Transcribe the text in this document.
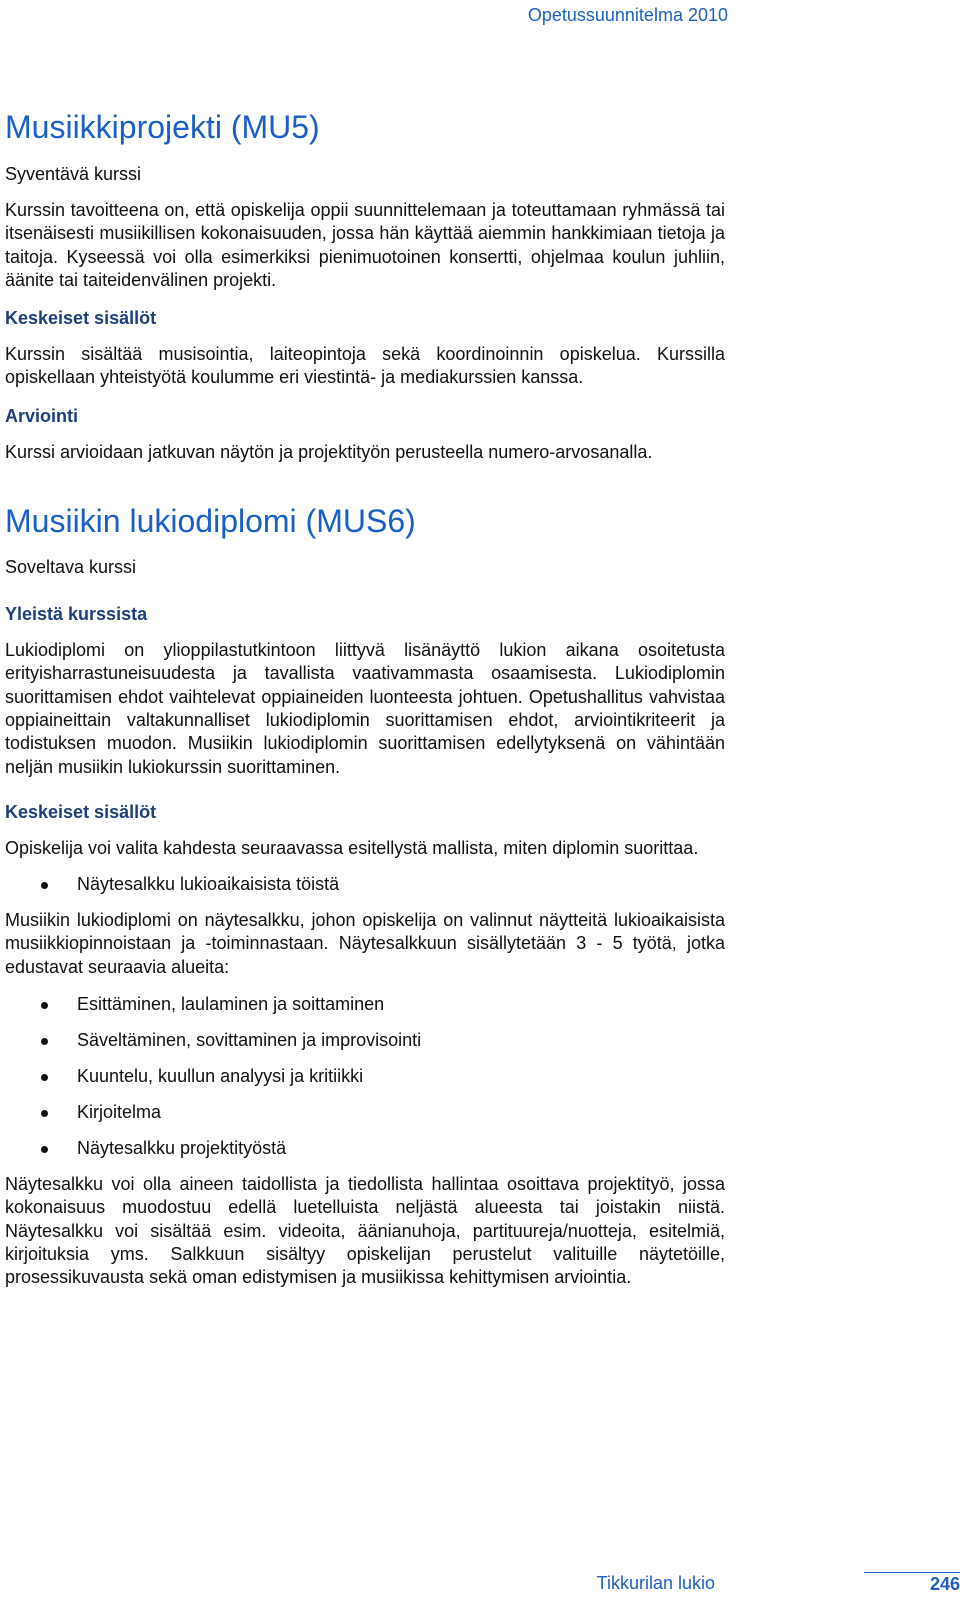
Opetussuunnitelma 2010
Musiikkiprojekti (MU5)
Syventävä kurssi

Kurssin tavoitteena on, että opiskelija oppii suunnittelemaan ja toteuttamaan ryhmässä tai itsenäisesti musiikillisen kokonaisuuden, jossa hän käyttää aiemmin hankkimiaan tietoja ja taitoja. Kyseessä voi olla esimerkiksi pienimuotoinen konsertti, ohjelmaa koulun juhliin, äänite tai taiteidenvälinen projekti.

Keskeiset sisällöt

Kurssin sisältää musisointia, laiteopintoja sekä koordinoinnin opiskelua. Kurssilla opiskellaan yhteistyötä koulumme eri viestintä- ja mediakurssien kanssa.

Arviointi

Kurssi arvioidaan jatkuvan näytön ja projektityön perusteella numero-arvosanalla.

Musiikin lukiodiplomi (MUS6)
Soveltava kurssi
Yleistä kurssista

Lukiodiplomi on ylioppilastutkintoon liittyvä lisänäyttö lukion aikana osoitetusta erityisharrastuneisuudesta ja tavallista vaativammasta osaamisesta. Lukiodiplomin suorittamisen ehdot vaihtelevat oppiaineiden luonteesta johtuen. Opetushallitus vahvistaa oppiaineittain valtakunnalliset lukiodiplomin suorittamisen ehdot, arviointikriteerit ja todistuksen muodon. Musiikin lukiodiplomin suorittamisen edellytyksenä on vähintään neljän musiikin lukiokurssin suorittaminen.

Keskeiset sisällöt

Opiskelija voi valita kahdesta seuraavassa esitellystä mallista, miten diplomin suorittaa.

Näytesalkku lukioaikaisista töistä

Musiikin lukiodiplomi on näytesalkku, johon opiskelija on valinnut näytteitä lukioaikaisista musiikkiopinnoistaan ja -toiminnastaan. Näytesalkkuun sisällytetään 3 - 5 työtä, jotka edustavat seuraavia alueita:

Esittäminen, laulaminen ja soittaminen
Säveltäminen, sovittaminen ja improvisointi
Kuuntelu, kuullun analyysi ja kritiikki
Kirjoitelma
Näytesalkku projektityöstä

Näytesalkku voi olla aineen taidollista ja tiedollista hallintaa osoittava projektityö, jossa kokonaisuus muodostuu edellä luetelluista neljästä alueesta tai joistakin niistä. Näytesalkku voi sisältää esim. videoita, äänianuhoja, partituureja/nuotteja, esitelmiä, kirjoituksia yms. Salkkuun sisältyy opiskelijan perustelut valituille näytetöille, prosessikuvausta sekä oman edistymisen ja musiikissa kehittymisen arviointia.

Tikkurilan lukio	246
